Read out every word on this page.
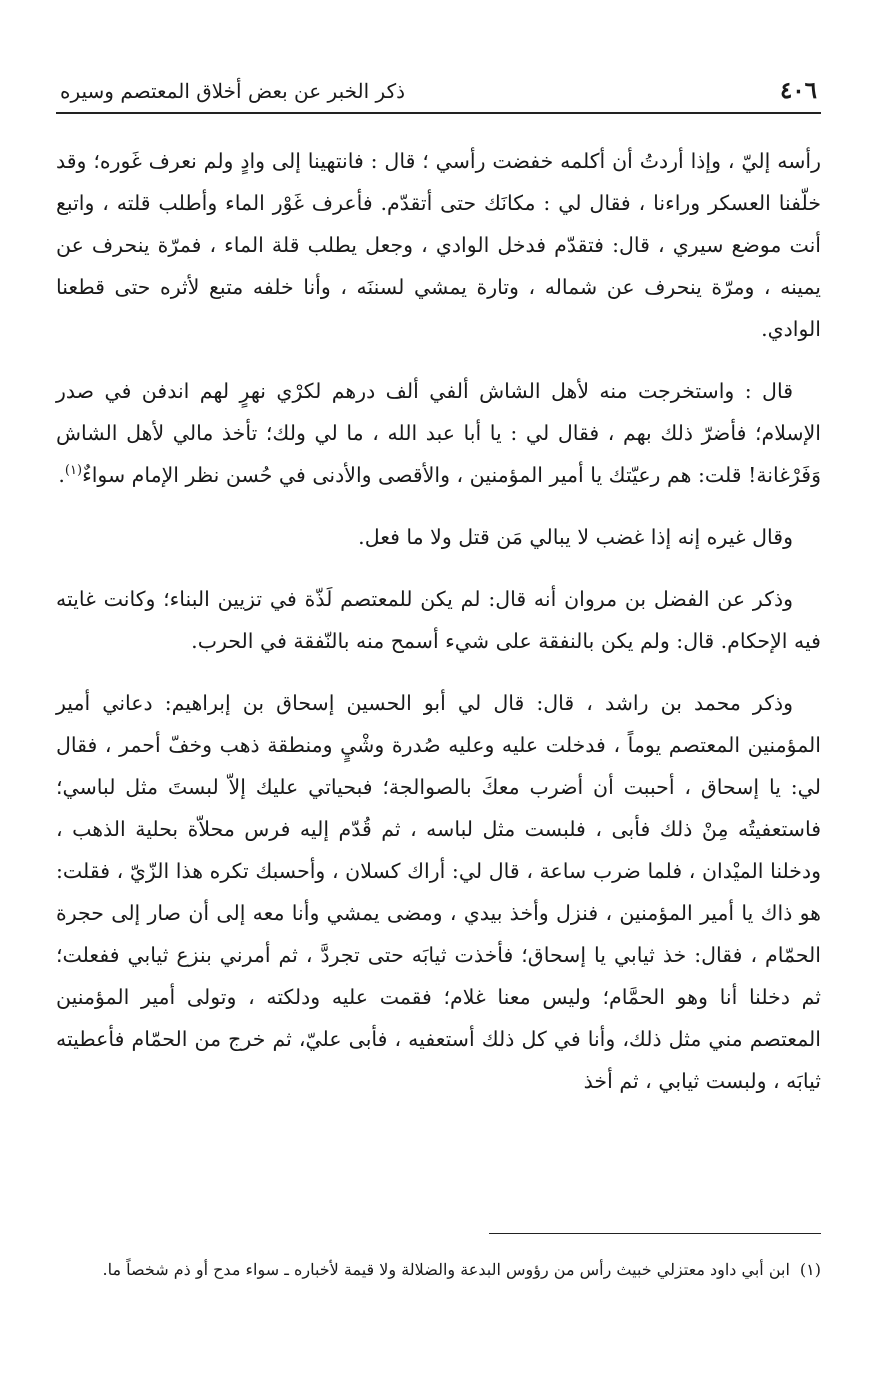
٤٠٦
ذكر الخبر عن بعض أخلاق المعتصم وسيره

رأسه إليّ ، وإذا أردتُ أن أكلمه خفضت رأسي ؛ قال : فانتهينا إلى وادٍ ولم نعرف غَوره؛ وقد خلّفنا العسكر وراءنا ، فقال لي : مكانَك حتى أتقدّم. فأعرف غَوْر الماء وأطلب قلته ، واتبع أنت موضع سيري ، قال: فتقدّم فدخل الوادي ، وجعل يطلب قلة الماء ، فمرّة ينحرف عن يمينه ، ومرّة ينحرف عن شماله ، وتارة يمشي لسننَه ، وأنا خلفه متبع لأثره حتى قطعنا الوادي.

قال : واستخرجت منه لأهل الشاش ألفي ألف درهم لكرْي نهرٍ لهم اندفن في صدر الإسلام؛ فأضرّ ذلك بهم ، فقال لي : يا أبا عبد الله ، ما لي ولك؛ تأخذ مالي لأهل الشاش وَفَرْغانة! قلت: هم رعيّتك يا أمير المؤمنين ، والأقصى والأدنى في حُسن نظر الإمام سواءٌ$^{(١)}$.

وقال غيره إنه إذا غضب لا يبالي مَن قتل ولا ما فعل.

وذكر عن الفضل بن مروان أنه قال: لم يكن للمعتصم لَذّة في تزيين البناء؛ وكانت غايته فيه الإحكام. قال: ولم يكن بالنفقة على شيء أسمح منه بالنّفقة في الحرب.

وذكر محمد بن راشد ، قال: قال لي أبو الحسين إسحاق بن إبراهيم: دعاني أمير المؤمنين المعتصم يوماً ، فدخلت عليه وعليه صُدرة وشْيٍ ومنطقة ذهب وخفّ أحمر ، فقال لي: يا إسحاق ، أحببت أن أضرب معكَ بالصوالجة؛ فبحياتي عليك إلاّ لبستَ مثل لباسي؛ فاستعفيتُه مِنْ ذلك فأبى ، فلبست مثل لباسه ، ثم قُدّم إليه فرس محلاّة بحلية الذهب ، ودخلنا الميْدان ، فلما ضرب ساعة ، قال لي: أراك كسلان ، وأحسبك تكره هذا الزّيّ ، فقلت: هو ذاك يا أمير المؤمنين ، فنزل وأخذ بيدي ، ومضى يمشي وأنا معه إلى أن صار إلى حجرة الحمّام ، فقال: خذ ثيابي يا إسحاق؛ فأخذت ثيابَه حتى تجردَّ ، ثم أمرني بنزع ثيابي ففعلت؛ ثم دخلنا أنا وهو الحمَّام؛ وليس معنا غلام؛ فقمت عليه ودلكته ، وتولى أمير المؤمنين المعتصم مني مثل ذلك، وأنا في كل ذلك أستعفيه ، فأبى عليّ، ثم خرج من الحمّام فأعطيته ثيابَه ، ولبست ثيابي ، ثم أخذ

(١)ابن أبي داود معتزلي خبيث رأس من رؤوس البدعة والضلالة ولا قيمة لأخباره ـ سواء مدح أو ذم شخصاً ما.
